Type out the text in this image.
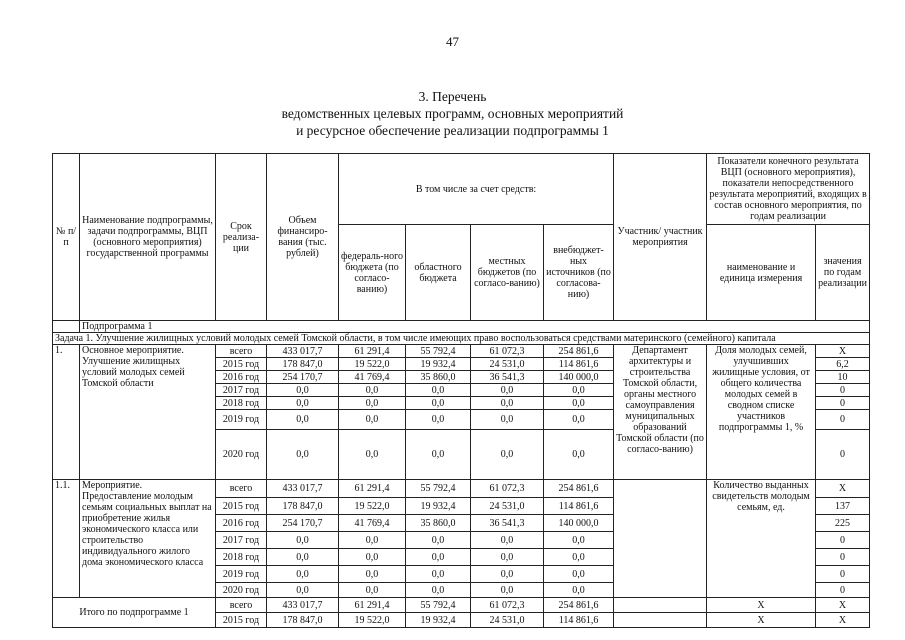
47
3. Перечень
ведомственных целевых программ, основных мероприятий
и ресурсное обеспечение реализации подпрограммы 1
№ п/п	Наименование подпрограммы, задачи подпрограммы, ВЦП (основного мероприятия) государственной программы	Срок реализа-ции	Объем финансиро-вания (тыс. рублей)	В том числе за счет средств:				Участник/ участник мероприятия	Показатели конечного результата ВЦП (основного мероприятия), показатели непосредственного результата мероприятий, входящих в состав основного мероприятия, по годам реализации	
				федераль-ного бюджета (по согласо-ванию)	областного бюджета	местных бюджетов (по согласо-ванию)	внебюджет-ных источников (по согласова-нию)		наименование и единица измерения	значения по годам реализации
	Подпрограмма 1									
Задача 1. Улучшение жилищных условий молодых семей Томской области, в том числе имеющих право воспользоваться средствами материнского (семейного) капитала										
1.	Основное мероприятие. Улучшение жилищных условий молодых семей Томской области	всего	433 017,7	61 291,4	55 792,4	61 072,3	254 861,6	Департамент архитектуры и строительства Томской области, органы местного самоуправления муниципальных образований Томской области (по согласо-ванию)	Доля молодых семей, улучшивших жилищные условия, от общего количества молодых семей в сводном списке участников подпрограммы 1, %	X
		2015 год	178 847,0	19 522,0	19 932,4	24 531,0	114 861,6			6,2
		2016 год	254 170,7	41 769,4	35 860,0	36 541,3	140 000,0			10
		2017 год	0,0	0,0	0,0	0,0	0,0			0
		2018 год	0,0	0,0	0,0	0,0	0,0			0
		2019 год	0,0	0,0	0,0	0,0	0,0			0
		2020 год	0,0	0,0	0,0	0,0	0,0			0
1.1.	Мероприятие. Предоставление молодым семьям социальных выплат на приобретение жилья экономического класса или строительство индивидуального жилого дома экономического класса	всего	433 017,7	61 291,4	55 792,4	61 072,3	254 861,6		Количество выданных свидетельств молодым семьям, ед.	X
		2015 год	178 847,0	19 522,0	19 932,4	24 531,0	114 861,6			137
		2016 год	254 170,7	41 769,4	35 860,0	36 541,3	140 000,0			225
		2017 год	0,0	0,0	0,0	0,0	0,0			0
		2018 год	0,0	0,0	0,0	0,0	0,0			0
		2019 год	0,0	0,0	0,0	0,0	0,0			0
		2020 год	0,0	0,0	0,0	0,0	0,0			0
Итого по подпрограмме 1		всего	433 017,7	61 291,4	55 792,4	61 072,3	254 861,6		X	X
		2015 год	178 847,0	19 522,0	19 932,4	24 531,0	114 861,6		X	X
